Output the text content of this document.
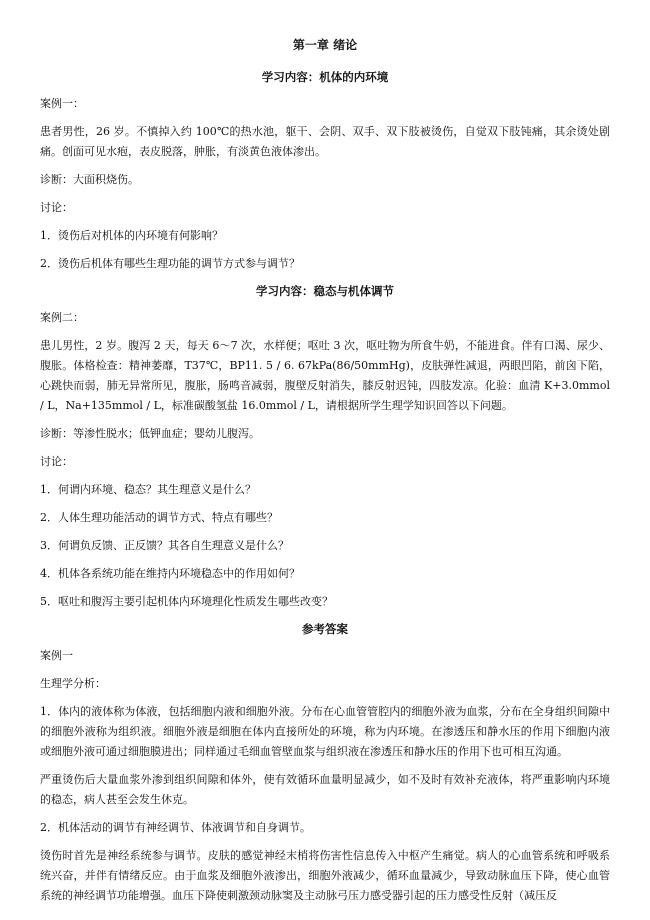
第一章 绪论
学习内容：机体的内环境

案例一：

患者男性，26 岁。不慎掉入约 100℃的热水池，躯干、会阴、双手、双下肢被烫伤，自觉双下肢钝痛，其余烫处剧痛。创面可见水疱，表皮脱落，肿胀，有淡黄色液体渗出。

诊断：大面积烧伤。

讨论：

1．烫伤后对机体的内环境有何影响？

2．烫伤后机体有哪些生理功能的调节方式参与调节？

学习内容：稳态与机体调节

案例二：

患儿男性，2 岁。腹泻 2 天，每天 6～7 次，水样便；呕吐 3 次，呕吐物为所食牛奶，不能进食。伴有口渴、尿少、腹胀。体格检查：精神萎靡，T37℃，BP11. 5 / 6. 67kPa(86/50mmHg)，皮肤弹性减退，两眼凹陷，前囟下陷，心跳快而弱，肺无异常所见，腹胀，肠鸣音减弱，腹壁反射消失，膝反射迟钝，四肢发凉。化验：血清 K+3.0mmol / L，Na+135mmol / L，标准碳酸氢盐 16.0mmol / L，请根据所学生理学知识回答以下问题。

诊断：等渗性脱水；低钾血症；婴幼儿腹泻。

讨论：

1．何谓内环境、稳态？其生理意义是什么？

2．人体生理功能活动的调节方式、特点有哪些？

3．何谓负反馈、正反馈？其各自生理意义是什么？

4．机体各系统功能在维持内环境稳态中的作用如何？

5．呕吐和腹泻主要引起机体内环境理化性质发生哪些改变？

参考答案

案例一

生理学分析：

1．体内的液体称为体液，包括细胞内液和细胞外液。分布在心血管管腔内的细胞外液为血浆，分布在全身组织间隙中的细胞外液称为组织液。细胞外液是细胞在体内直接所处的环境，称为内环境。在渗透压和静水压的作用下细胞内液或细胞外液可通过细胞膜进出；同样通过毛细血管壁血浆与组织液在渗透压和静水压的作用下也可相互沟通。

严重烫伤后大量血浆外渗到组织间隙和体外，使有效循环血量明显减少，如不及时有效补充液体，将严重影响内环境的稳态，病人甚至会发生休克。

2．机体活动的调节有神经调节、体液调节和自身调节。

烫伤时首先是神经系统参与调节。皮肤的感觉神经末梢将伤害性信息传入中枢产生痛觉。病人的心血管系统和呼吸系统兴奋，并伴有情绪反应。由于血浆及细胞外液渗出，细胞外液减少，循环血量减少，导致动脉血压下降，使心血管系统的神经调节功能增强。血压下降使刺激颈动脉窦及主动脉弓压力感受器引起的压力感受性反射（减压反
